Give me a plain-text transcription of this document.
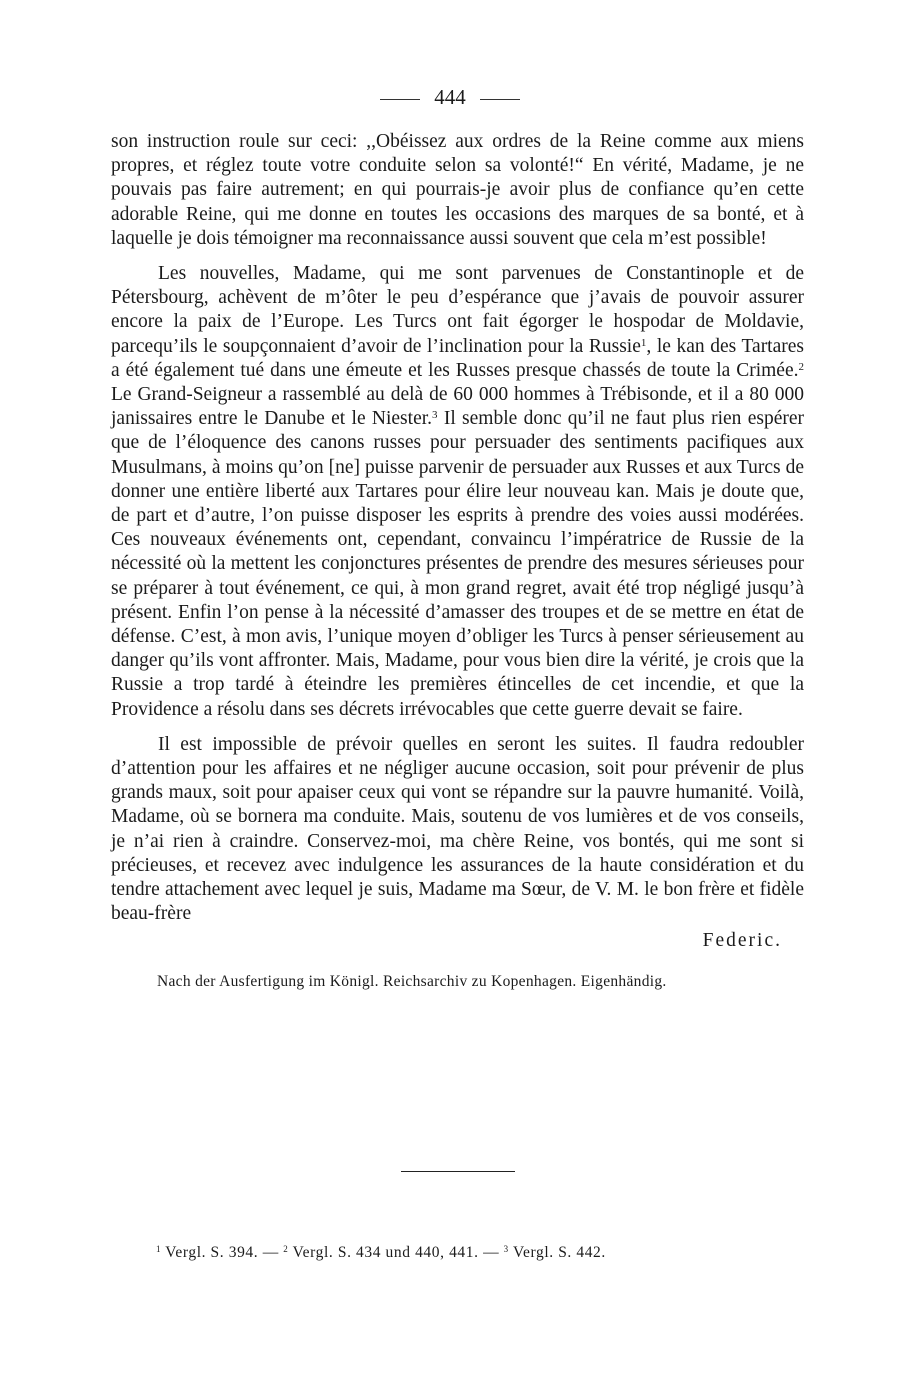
444

son instruction roule sur ceci: ,,Obéissez aux ordres de la Reine comme aux miens propres, et réglez toute votre conduite selon sa volonté!“ En vérité, Madame, je ne pouvais pas faire autrement; en qui pourrais-je avoir plus de confiance qu’en cette adorable Reine, qui me donne en toutes les occasions des marques de sa bonté, et à laquelle je dois témoigner ma reconnaissance aussi souvent que cela m’est possible!

Les nouvelles, Madame, qui me sont parvenues de Constantinople et de Pétersbourg, achèvent de m’ôter le peu d’espérance que j’avais de pouvoir assurer encore la paix de l’Europe. Les Turcs ont fait égorger le hospodar de Moldavie, parcequ’ils le soupçonnaient d’avoir de l’inclination pour la Russie$^1$, le kan des Tartares a été également tué dans une émeute et les Russes presque chassés de toute la Crimée.$^2$ Le Grand-Seigneur a rassemblé au delà de 60 000 hommes à Trébisonde, et il a 80 000 janissaires entre le Danube et le Niester.$^3$ Il semble donc qu’il ne faut plus rien espérer que de l’éloquence des canons russes pour persuader des sentiments pacifiques aux Musulmans, à moins qu’on [ne] puisse parvenir de persuader aux Russes et aux Turcs de donner une entière liberté aux Tartares pour élire leur nouveau kan. Mais je doute que, de part et d’autre, l’on puisse disposer les esprits à prendre des voies aussi modérées. Ces nouveaux événements ont, cependant, convaincu l’impératrice de Russie de la nécessité où la mettent les conjonctures présentes de prendre des mesures sérieuses pour se préparer à tout événement, ce qui, à mon grand regret, avait été trop négligé jusqu’à présent. Enfin l’on pense à la nécessité d’amasser des troupes et de se mettre en état de défense. C’est, à mon avis, l’unique moyen d’obliger les Turcs à penser sérieusement au danger qu’ils vont affronter. Mais, Madame, pour vous bien dire la vérité, je crois que la Russie a trop tardé à éteindre les premières étincelles de cet incendie, et que la Providence a résolu dans ses décrets irrévocables que cette guerre devait se faire.

Il est impossible de prévoir quelles en seront les suites. Il faudra redoubler d’attention pour les affaires et ne négliger aucune occasion, soit pour prévenir de plus grands maux, soit pour apaiser ceux qui vont se répandre sur la pauvre humanité. Voilà, Madame, où se bornera ma conduite. Mais, soutenu de vos lumières et de vos conseils, je n’ai rien à craindre. Conservez-moi, ma chère Reine, vos bontés, qui me sont si précieuses, et recevez avec indulgence les assurances de la haute considération et du tendre attachement avec lequel je suis, Madame ma Sœur, de V. M. le bon frère et fidèle beau-frère

Federic.
Nach der Ausfertigung im Königl. Reichsarchiv zu Kopenhagen. Eigenhändig.
$^1$ Vergl. S. 394. — $^2$ Vergl. S. 434 und 440, 441. — $^3$ Vergl. S. 442.
